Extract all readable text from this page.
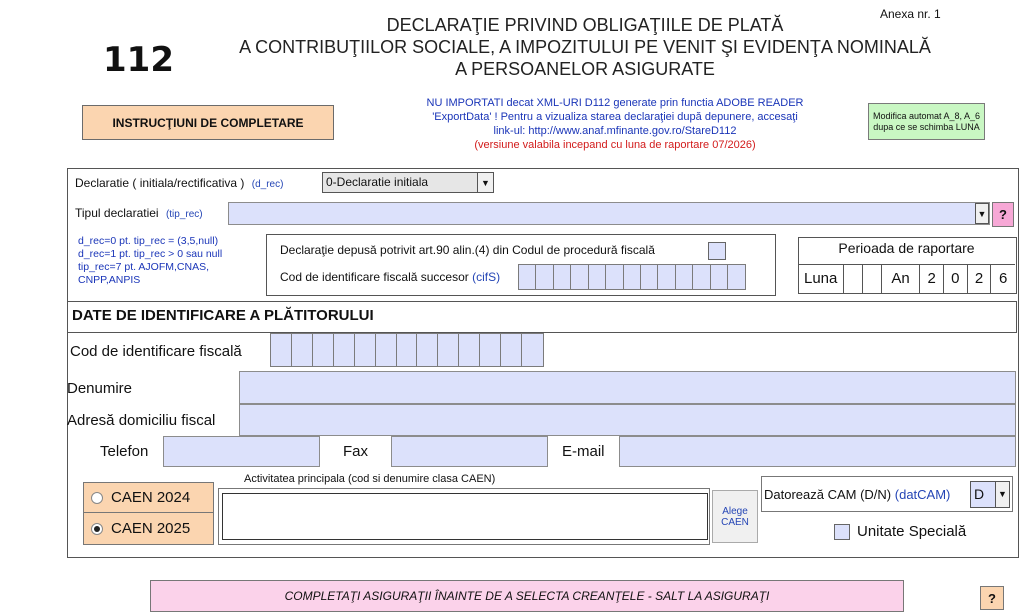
Anexa nr. 1
112
DECLARAŢIE PRIVIND OBLIGAŢIILE DE PLATĂ
A CONTRIBUŢIILOR SOCIALE, A IMPOZITULUI PE VENIT ŞI EVIDENŢA NOMINALĂ
A PERSOANELOR ASIGURATE
INSTRUCŢIUNI DE COMPLETARE
NU IMPORTATI decat XML-URI D112 generate prin functia ADOBE READER
'ExportData' ! Pentru a vizualiza starea declaraţiei după depunere, accesaţi
link-ul: http://www.anaf.mfinante.gov.ro/StareD112
(versiune valabila incepand cu luna de raportare 07/2026)
Modifica automat A_8, A_6
dupa ce se schimba LUNA
Declaratie ( initiala/rectificativa ) (d_rec)	0-Declaratie initiala	▼
Tipul declaratiei (tip_rec)	▼ ?
d_rec=0 pt. tip_rec = (3,5,null)
d_rec=1 pt. tip_rec > 0 sau null
tip_rec=7 pt. AJOFM,CNAS,
CNPP,ANPIS
Declaraţie depusă potrivit art.90 alin.(4) din Codul de procedură fiscală
Cod de identificare fiscală succesor (cifS)
Perioada de raportare
Luna	An	2	0	2	6
DATE DE IDENTIFICARE A PLĂTITORULUI
Cod de identificare fiscală
Denumire
Adresă domiciliu fiscal
Telefon	Fax	E-mail
CAEN 2024
CAEN 2025
Activitatea principala (cod si denumire clasa CAEN)
Alege
CAEN
Datorează CAM (D/N) (datCAM) D	▼
Unitate Specială
COMPLETAŢI ASIGURAŢII ÎNAINTE DE A SELECTA CREANŢELE - SALT LA ASIGURAŢI	?
